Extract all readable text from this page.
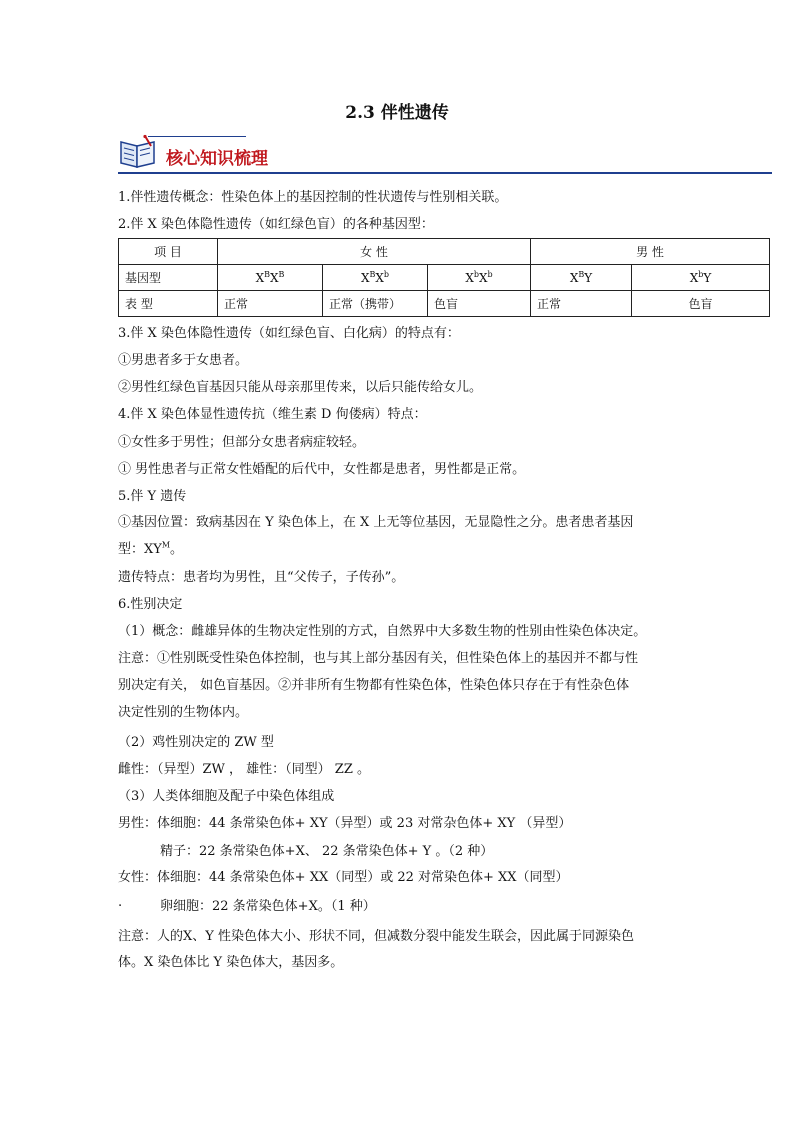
2.3 伴性遗传
核心知识梳理
1.伴性遗传概念：性染色体上的基因控制的性状遗传与性别相关联。
2.伴 X 染色体隐性遗传（如红绿色盲）的各种基因型：
项 目	女 性			男 性	
基因型	$X^BX^B$	$X^BX^b$	$X^bX^b$	$X^BY$	$X^bY$
表 型	正常	正常（携带）	色盲	正常	色盲
3.伴 X 染色体隐性遗传（如红绿色盲、白化病）的特点有：
①男患者多于女患者。
②男性红绿色盲基因只能从母亲那里传来，以后只能传给女儿。
4.伴 X 染色体显性遗传抗（维生素 D 佝偻病）特点：
①女性多于男性；但部分女患者病症较轻。
① 男性患者与正常女性婚配的后代中，女性都是患者，男性都是正常。
5.伴 Y 遗传
①基因位置：致病基因在 Y 染色体上，在 X 上无等位基因，无显隐性之分。患者患者基因
型：$XY^M$。
遗传特点：患者均为男性，且“父传子，子传孙”。
6.性别决定
（1）概念：雌雄异体的生物决定性别的方式，自然界中大多数生物的性别由性染色体决定。
注意：①性别既受性染色体控制，也与其上部分基因有关，但性染色体上的基因并不都与性
别决定有关， 如色盲基因。②并非所有生物都有性染色体，性染色体只存在于有性杂色体
决定性别的生物体内。
（2）鸡性别决定的 ZW 型
雌性：（异型）ZW ， 雄性：（同型） ZZ 。
（3）人类体细胞及配子中染色体组成
男性：体细胞：44 条常染色体+ XY（异型）或 23 对常杂色体+ XY （异型）
精子：22 条常染色体+X、 22 条常染色体+ Y 。（2 种）
女性：体细胞：44 条常染色体+ XX（同型）或 22 对常染色体+ XX（同型）
.	卵细胞：22 条常染色体+X。（1 种）
注意：人的X、Y 性染色体大小、形状不同，但减数分裂中能发生联会，因此属于同源染色
体。X 染色体比 Y 染色体大，基因多。
